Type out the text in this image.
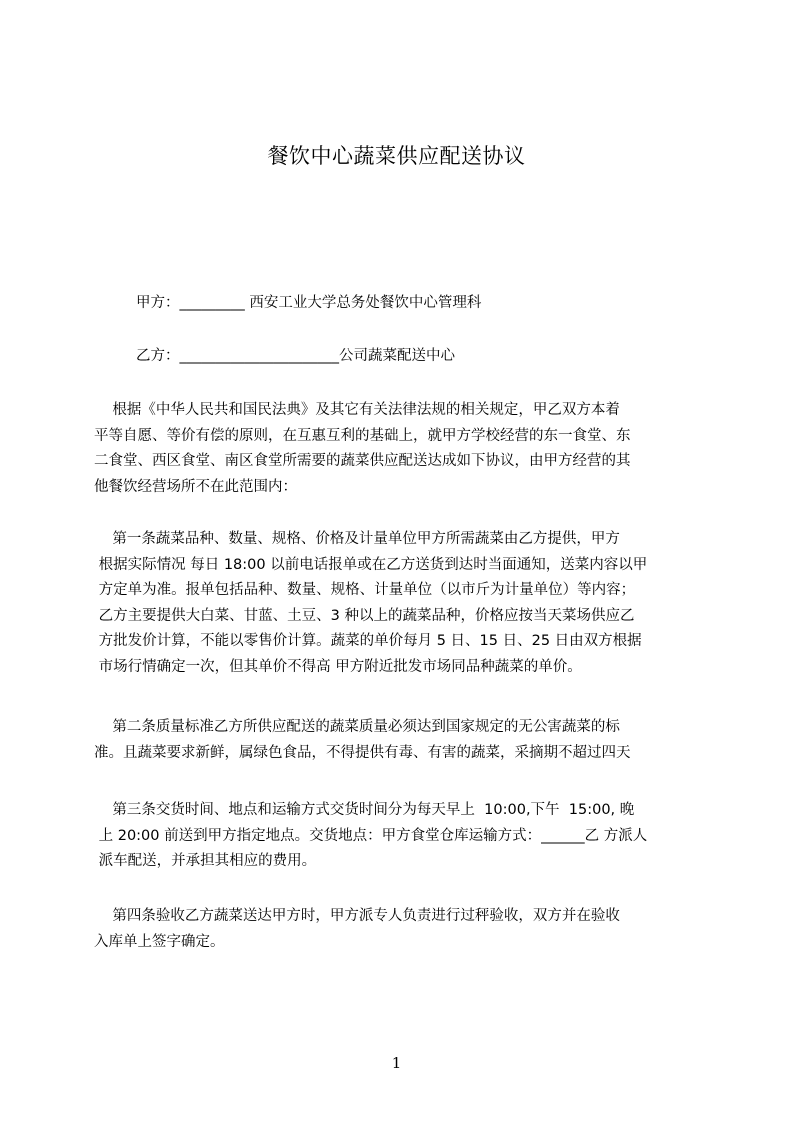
餐饮中心蔬菜供应配送协议

甲方：_________ 西安工业大学总务处餐饮中心管理科

乙方：______________________公司蔬菜配送中心

根据《中华人民共和国民法典》及其它有关法律法规的相关规定，甲乙双方本着

平等自愿、等价有偿的原则，在互惠互利的基础上，就甲方学校经营的东一食堂、东

二食堂、西区食堂、南区食堂所需要的蔬菜供应配送达成如下协议，由甲方经营的其

他餐饮经营场所不在此范围内：

第一条蔬菜品种、数量、规格、价格及计量单位甲方所需蔬菜由乙方提供，甲方

根据实际情况 每日 18:00 以前电话报单或在乙方送货到达时当面通知，送菜内容以甲

方定单为准。报单包括品种、数量、规格、计量单位（以市斤为计量单位）等内容；

乙方主要提供大白菜、甘蓝、土豆、3 种以上的蔬菜品种，价格应按当天菜场供应乙

方批发价计算，不能以零售价计算。蔬菜的单价每月 5 日、15 日、25 日由双方根据

市场行情确定一次，但其单价不得高 甲方附近批发市场同品种蔬菜的单价。

第二条质量标准乙方所供应配送的蔬菜质量必须达到国家规定的无公害蔬菜的标

准。且蔬菜要求新鲜，属绿色食品，不得提供有毒、有害的蔬菜，采摘期不超过四天

第三条交货时间、地点和运输方式交货时间分为每天早上  10:00,下午  15:00, 晚

上 20:00 前送到甲方指定地点。交货地点：甲方食堂仓库运输方式：______乙 方派人

派车配送，并承担其相应的费用。

第四条验收乙方蔬菜送达甲方时，甲方派专人负责进行过秤验收，双方并在验收

入库单上签字确定。

1
